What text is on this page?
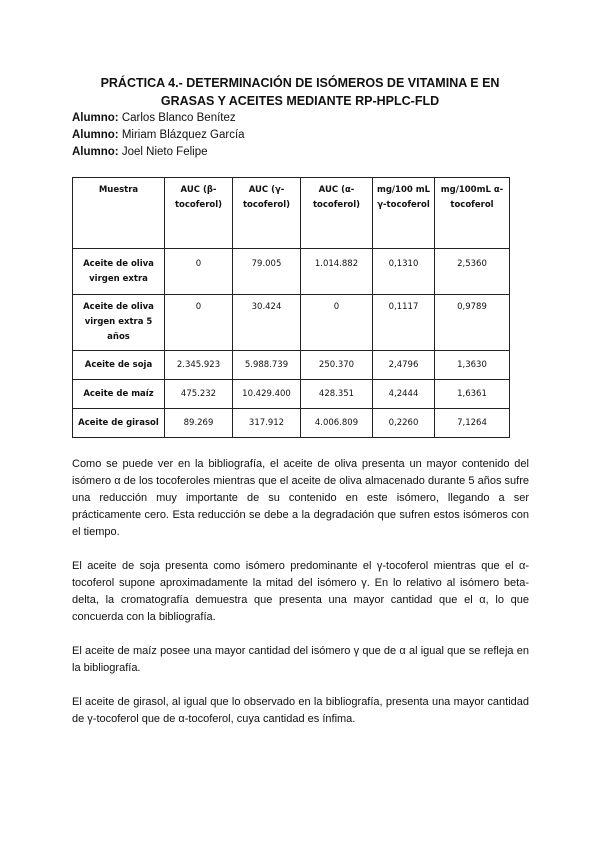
PRÁCTICA 4.- DETERMINACIÓN DE ISÓMEROS DE VITAMINA E EN
GRASAS Y ACEITES MEDIANTE RP-HPLC-FLD
Alumno: Carlos Blanco Benítez
Alumno: Miriam Blázquez García
Alumno: Joel Nieto Felipe
Muestra	AUC (β-tocoferol)	AUC (γ-tocoferol)	AUC (α-tocoferol)	mg/100 mL γ-tocoferol	mg/100mL α-tocoferol
Aceite de oliva virgen extra	0	79.005	1.014.882	0,1310	2,5360
Aceite de oliva virgen extra 5 años	0	30.424	0	0,1117	0,9789
Aceite de soja	2.345.923	5.988.739	250.370	2,4796	1,3630
Aceite de maíz	475.232	10.429.400	428.351	4,2444	1,6361
Aceite de girasol	89.269	317.912	4.006.809	0,2260	7,1264

Como se puede ver en la bibliografía, el aceite de oliva presenta un mayor contenido del isómero α de los tocoferoles mientras que el aceite de oliva almacenado durante 5 años sufre una reducción muy importante de su contenido en este isómero, llegando a ser prácticamente cero. Esta reducción se debe a la degradación que sufren estos isómeros con el tiempo.

El aceite de soja presenta como isómero predominante el γ-tocoferol mientras que el α-tocoferol supone aproximadamente la mitad del isómero γ. En lo relativo al isómero beta-delta, la cromatografía demuestra que presenta una mayor cantidad que el α, lo que concuerda con la bibliografía.

El aceite de maíz posee una mayor cantidad del isómero γ que de α al igual que se refleja en la bibliografía.

El aceite de girasol, al igual que lo observado en la bibliografía, presenta una mayor cantidad de γ-tocoferol que de α-tocoferol, cuya cantidad es ínfima.
